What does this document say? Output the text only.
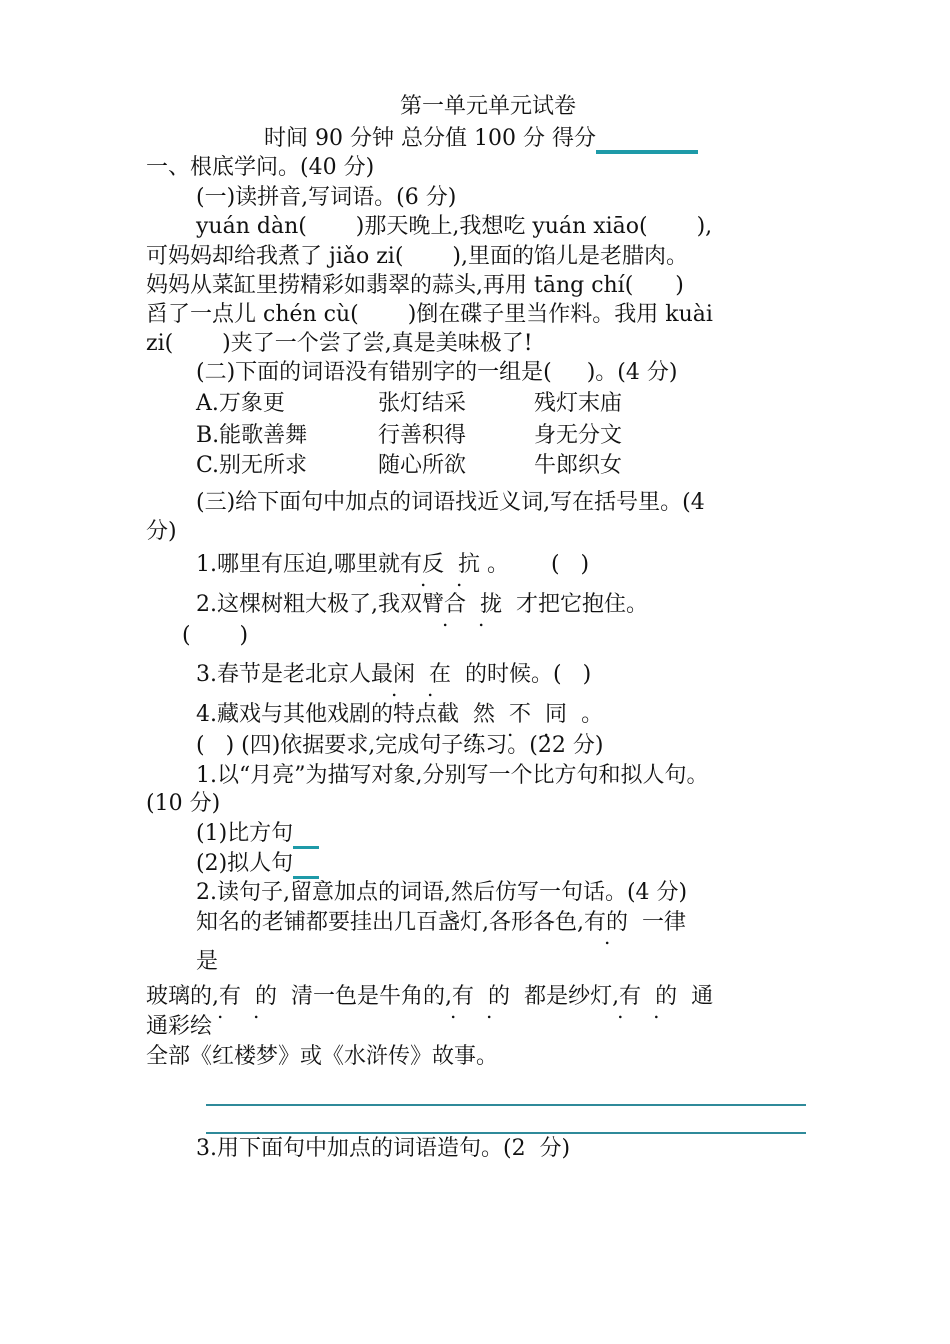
第一单元单元试卷
时间 90 分钟 总分值 100 分 得分
一、根底学问。(40 分)
(一)读拼音,写词语。(6 分)
yuán dàn(       )那天晚上,我想吃 yuán xiāo(       ),
可妈妈却给我煮了 jiǎo zi(       ),里面的馅儿是老腊肉。
妈妈从菜缸里捞精彩如翡翠的蒜头,再用 tāng chí(      )
舀了一点儿 chén cù(       )倒在碟子里当作料。我用 kuài
zi(       )夹了一个尝了尝,真是美味极了!
(二)下面的词语没有错别字的一组是(     )。(4 分)
A.万象更	张灯结采	残灯末庙
B.能歌善舞	行善积得	身无分文
C.别无所求	随心所欲	牛郎织女
(三)给下面句中加点的词语找近义词,写在括号里。(4
分)
1.哪里有压迫,哪里就有反 抗 。      (   )
2.这棵树粗大极了,我双臂合 拢 才把它抱住。
(       )
3.春节是老北京人最闲 在 的时候。(   )
4.藏戏与其他戏剧的特点截 然 不 同 。
(   ) (四)依据要求,完成句子练习。(22 分)
1.以“月亮”为描写对象,分别写一个比方句和拟人句。
(10 分)
(1)比方句
(2)拟人句
2.读句子,留意加点的词语,然后仿写一句话。(4 分)
知名的老铺都要挂出几百盏灯,各形各色,有的 一律
是
玻璃的,有 的 清一色是牛角的,有 的 都是纱灯,有 的 通
通彩绘
全部《红楼梦》或《水浒传》故事。
3.用下面句中加点的词语造句。(2  分)
